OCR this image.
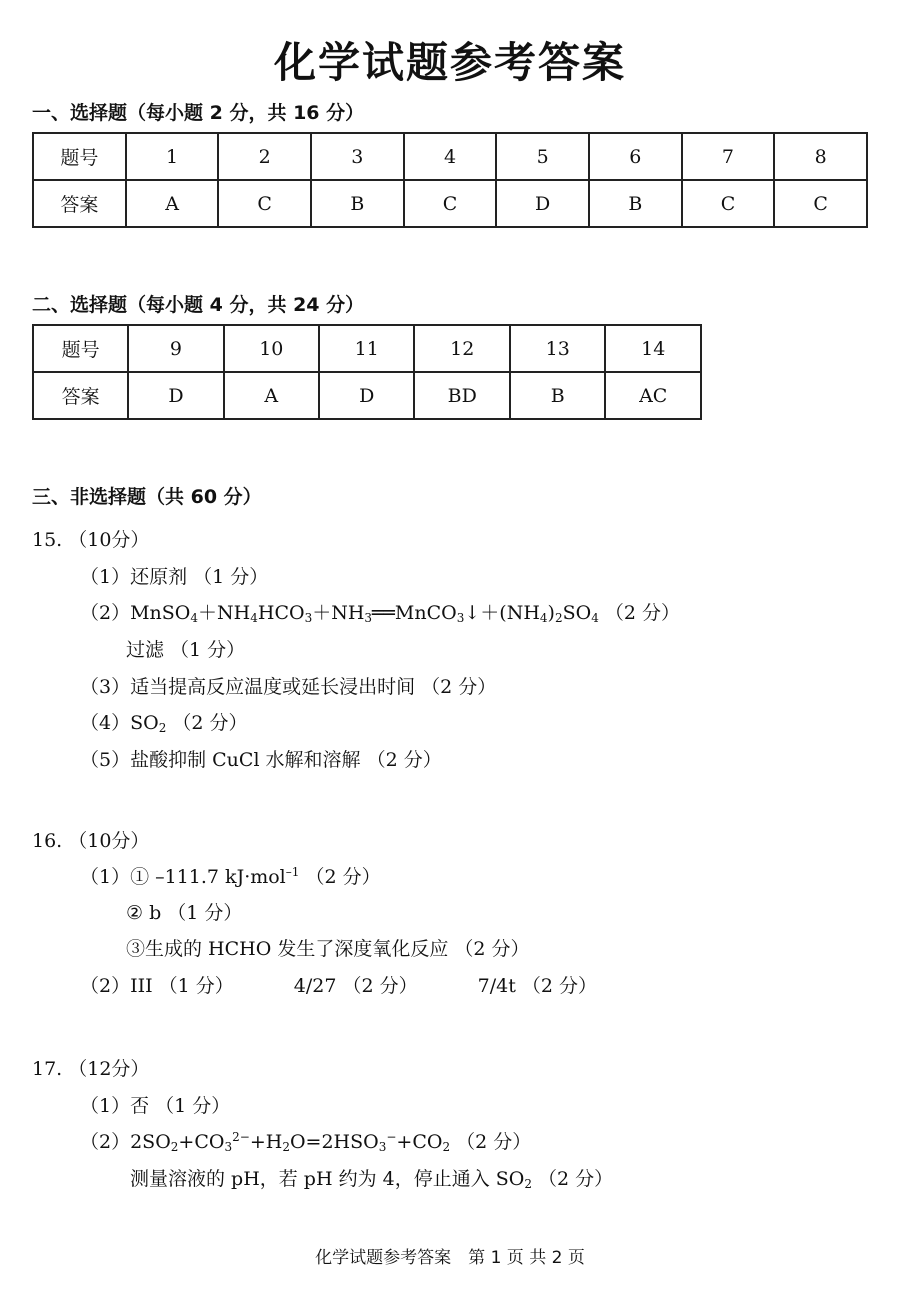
化学试题参考答案
一、选择题（每小题 2 分，共 16 分）
题号	1	2	3	4	5	6	7	8
答案	A	C	B	C	D	B	C	C
二、选择题（每小题 4 分，共 24 分）
题号	9	10	11	12	13	14
答案	D	A	D	BD	B	AC
三、非选择题（共 60 分）
15. （10分）
（1）还原剂 （1 分）
$(2)MnSO_4+NH_4HCO_3+NH_3══MnCO_3↓+(NH_4)_2SO_4$ （2 分）
过滤 （1 分）
（3）适当提高反应温度或延长浸出时间 （2 分）
$(4)SO_2$ （2 分）
（5）盐酸抑制 CuCl 水解和溶解 （2 分）
16. （10分）
（1）① –111.7 kJ·mol$^{-1}$ （2 分）
② b （1 分）
③生成的 HCHO 发生了深度氧化反应 （2 分）
（2）III （1 分）	4/27 （2 分）	7/4t （2 分）
17. （12分）
（1）否 （1 分）
$(2)2SO_2+CO_3^{2-}+H_2O=2HSO_3^-+CO_2$ （2 分）
测量溶液的 pH，若 pH 约为 4，停止通入 $SO_2$ （2 分）
化学试题参考答案　第 1 页 共 2 页
